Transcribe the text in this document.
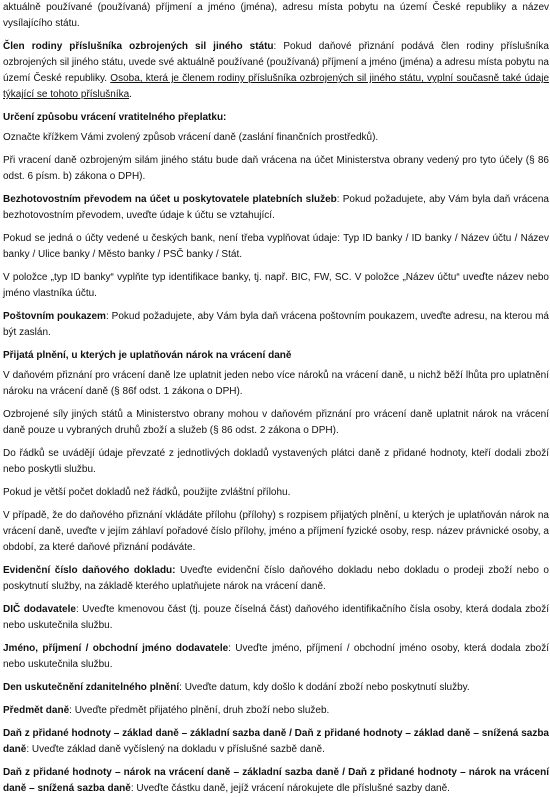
aktuálně používané (používaná) příjmení a jméno (jména), adresu místa pobytu na území České republiky a název vysílajícího státu.

Člen rodiny příslušníka ozbrojených sil jiného státu: Pokud daňové přiznání podává člen rodiny příslušníka ozbrojených sil jiného státu, uvede své aktuálně používané (používaná) příjmení a jméno (jména) a adresu místa pobytu na území České republiky. Osoba, která je členem rodiny příslušníka ozbrojených sil jiného státu, vyplní současně také údaje týkající se tohoto příslušníka.

Určení způsobu vrácení vratitelného přeplatku:

Označte křížkem Vámi zvolený způsob vrácení daně (zaslání finančních prostředků).

Při vracení daně ozbrojeným silám jiného státu bude daň vrácena na účet Ministerstva obrany vedený pro tyto účely (§ 86 odst. 6 písm. b) zákona o DPH).

Bezhotovostním převodem na účet u poskytovatele platebních služeb: Pokud požadujete, aby Vám byla daň vrácena bezhotovostním převodem, uveďte údaje k účtu se vztahující.

Pokud se jedná o účty vedené u českých bank, není třeba vyplňovat údaje: Typ ID banky / ID banky / Název účtu / Název banky / Ulice banky / Město banky / PSČ banky / Stát.

V položce „typ ID banky“ vyplňte typ identifikace banky, tj. např. BIC, FW, SC. V položce „Název účtu“ uveďte název nebo jméno vlastníka účtu.

Poštovním poukazem: Pokud požadujete, aby Vám byla daň vrácena poštovním poukazem, uveďte adresu, na kterou má být zaslán.

Přijatá plnění, u kterých je uplatňován nárok na vrácení daně

V daňovém přiznání pro vrácení daně lze uplatnit jeden nebo více nároků na vrácení daně, u nichž běží lhůta pro uplatnění nároku na vrácení daně (§ 86f odst. 1 zákona o DPH).

Ozbrojené síly jiných států a Ministerstvo obrany mohou v daňovém přiznání pro vrácení daně uplatnit nárok na vrácení daně pouze u vybraných druhů zboží a služeb (§ 86 odst. 2 zákona o DPH).

Do řádků se uvádějí údaje převzaté z jednotlivých dokladů vystavených plátci daně z přidané hodnoty, kteří dodali zboží nebo poskytli službu.

Pokud je větší počet dokladů než řádků, použijte zvláštní přílohu.

V případě, že do daňového přiznání vkládáte přílohu (přílohy) s rozpisem přijatých plnění, u kterých je uplatňován nárok na vrácení daně, uveďte v jejím záhlaví pořadové číslo přílohy, jméno a příjmení fyzické osoby, resp. název právnické osoby, a období, za které daňové přiznání podáváte.

Evidenční číslo daňového dokladu: Uveďte evidenční číslo daňového dokladu nebo dokladu o prodeji zboží nebo o poskytnutí služby, na základě kterého uplatňujete nárok na vrácení daně.

DIČ dodavatele: Uveďte kmenovou část (tj. pouze číselná část) daňového identifikačního čísla osoby, která dodala zboží nebo uskutečnila službu.

Jméno, příjmení / obchodní jméno dodavatele: Uveďte jméno, příjmení / obchodní jméno osoby, která dodala zboží nebo uskutečnila službu.

Den uskutečnění zdanitelného plnění: Uveďte datum, kdy došlo k dodání zboží nebo poskytnutí služby.

Předmět daně: Uveďte předmět přijatého plnění, druh zboží nebo služeb.

Daň z přidané hodnoty – základ daně – základní sazba daně / Daň z přidané hodnoty – základ daně – snížená sazba daně: Uveďte základ daně vyčíslený na dokladu v příslušné sazbě daně.

Daň z přidané hodnoty – nárok na vrácení daně – základní sazba daně / Daň z přidané hodnoty – nárok na vrácení daně – snížená sazba daně: Uveďte částku daně, jejíž vrácení nárokujete dle příslušné sazby daně.
